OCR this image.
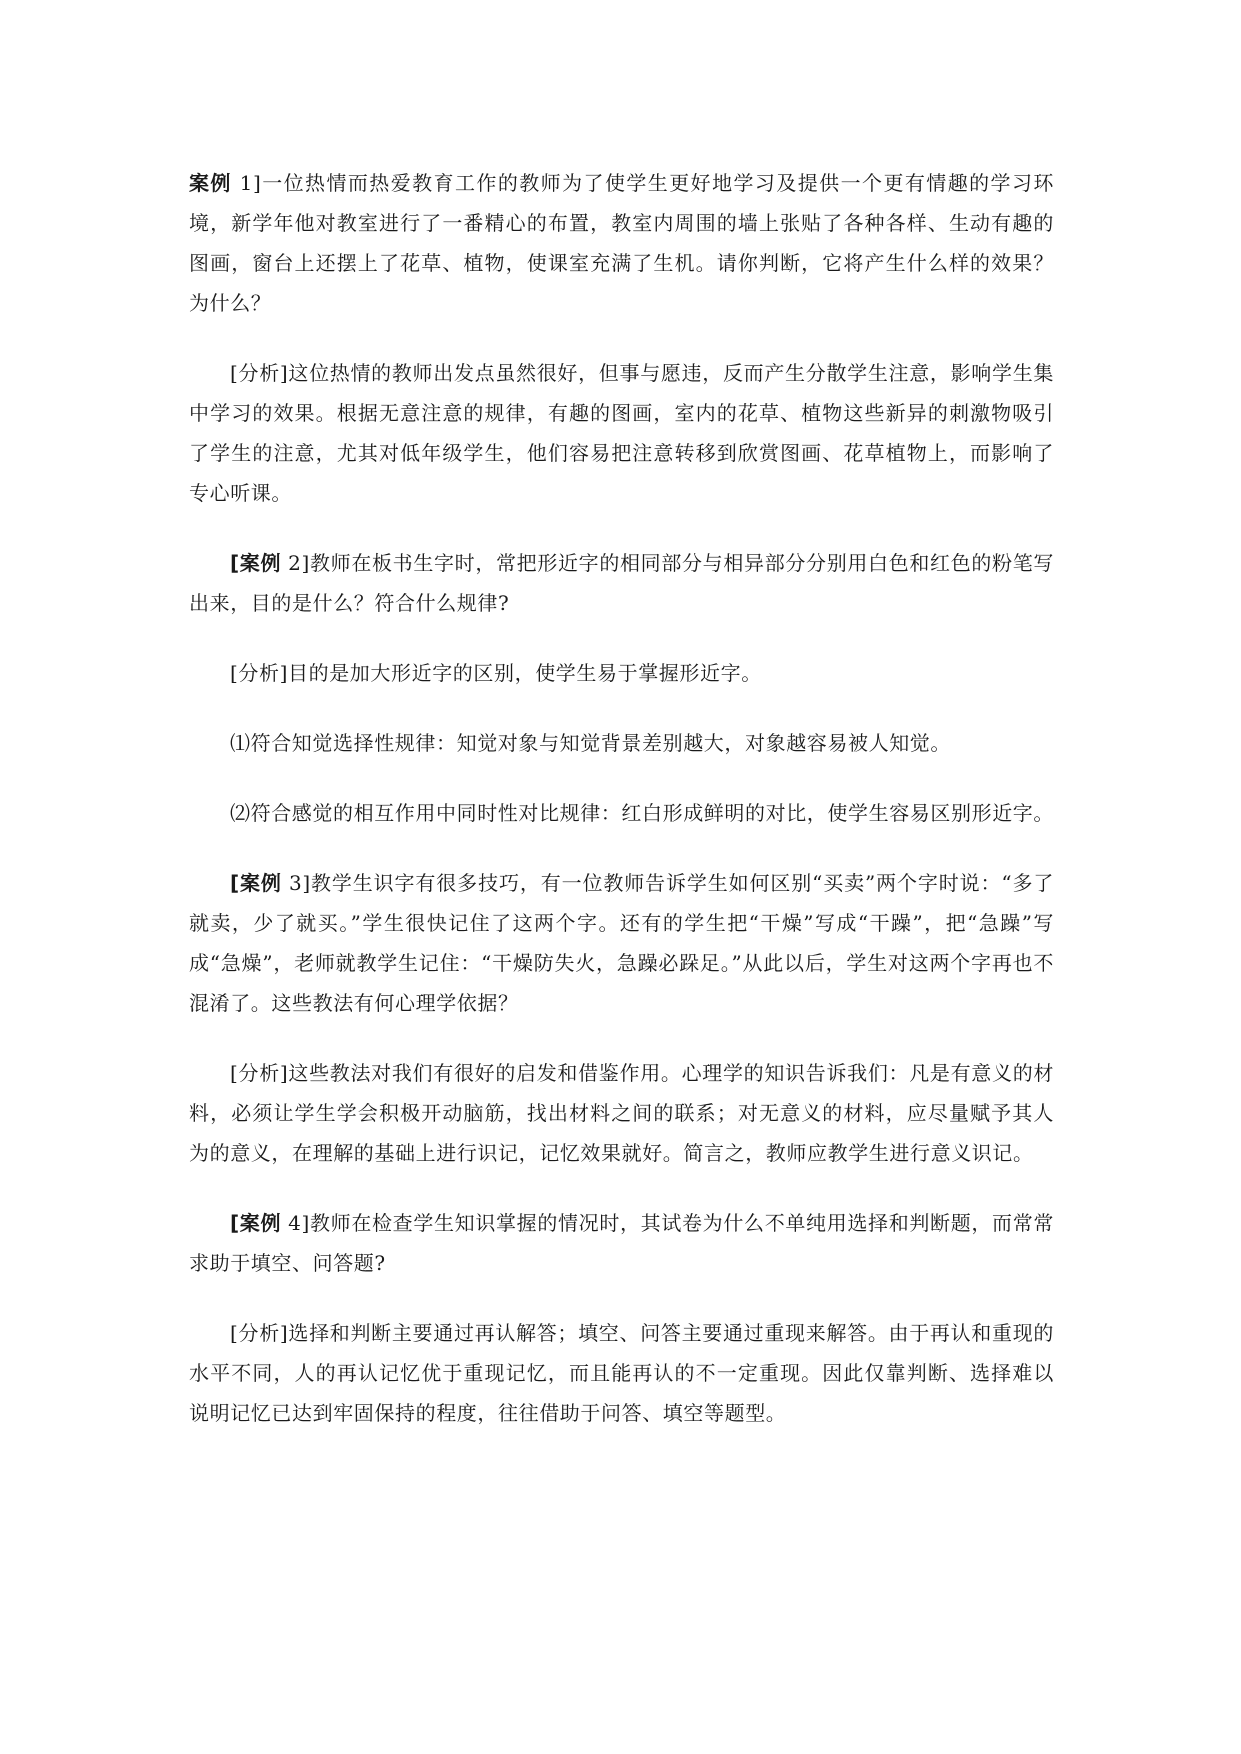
案例 1]一位热情而热爱教育工作的教师为了使学生更好地学习及提供一个更有情趣的学习环境，新学年他对教室进行了一番精心的布置，教室内周围的墙上张贴了各种各样、生动有趣的图画，窗台上还摆上了花草、植物，使课室充满了生机。请你判断，它将产生什么样的效果？为什么？

[分析]这位热情的教师出发点虽然很好，但事与愿违，反而产生分散学生注意，影响学生集中学习的效果。根据无意注意的规律，有趣的图画，室内的花草、植物这些新异的刺激物吸引了学生的注意，尤其对低年级学生，他们容易把注意转移到欣赏图画、花草植物上，而影响了专心听课。

[案例 2]教师在板书生字时，常把形近字的相同部分与相异部分分别用白色和红色的粉笔写出来，目的是什么？符合什么规律?

[分析]目的是加大形近字的区别，使学生易于掌握形近字。

⑴符合知觉选择性规律：知觉对象与知觉背景差别越大，对象越容易被人知觉。

⑵符合感觉的相互作用中同时性对比规律：红白形成鲜明的对比，使学生容易区别形近字。

[案例 3]教学生识字有很多技巧，有一位教师告诉学生如何区别“买卖”两个字时说：“多了就卖，少了就买。”学生很快记住了这两个字。还有的学生把“干燥”写成“干躁”，把“急躁”写成“急燥”，老师就教学生记住：“干燥防失火，急躁必跺足。”从此以后，学生对这两个字再也不混淆了。这些教法有何心理学依据？

[分析]这些教法对我们有很好的启发和借鉴作用。心理学的知识告诉我们：凡是有意义的材料，必须让学生学会积极开动脑筋，找出材料之间的联系；对无意义的材料，应尽量赋予其人为的意义，在理解的基础上进行识记，记忆效果就好。简言之，教师应教学生进行意义识记。

[案例 4]教师在检查学生知识掌握的情况时，其试卷为什么不单纯用选择和判断题，而常常求助于填空、问答题?

[分析]选择和判断主要通过再认解答；填空、问答主要通过重现来解答。由于再认和重现的水平不同，人的再认记忆优于重现记忆，而且能再认的不一定重现。因此仅靠判断、选择难以说明记忆已达到牢固保持的程度，往往借助于问答、填空等题型。
